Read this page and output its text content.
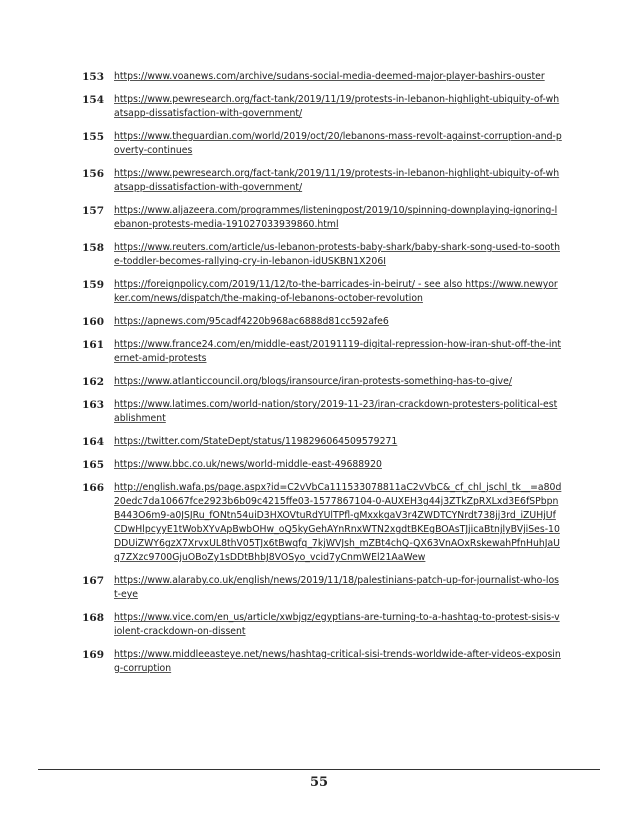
153	https://www.voanews.com/archive/sudans-social-media-deemed-major-player-bashirs-ouster
154	https://www.pewresearch.org/fact-tank/2019/11/19/protests-in-lebanon-highlight-ubiquity-of-whatsapp-dissatisfaction-with-government/
155	https://www.theguardian.com/world/2019/oct/20/lebanons-mass-revolt-against-corruption-and-poverty-continues
156	https://www.pewresearch.org/fact-tank/2019/11/19/protests-in-lebanon-highlight-ubiquity-of-whatsapp-dissatisfaction-with-government/
157	https://www.aljazeera.com/programmes/listeningpost/2019/10/spinning-downplaying-ignoring-lebanon-protests-media-191027033939860.html
158	https://www.reuters.com/article/us-lebanon-protests-baby-shark/baby-shark-song-used-to-soothe-toddler-becomes-rallying-cry-in-lebanon-idUSKBN1X206I
159	https://foreignpolicy.com/2019/11/12/to-the-barricades-in-beirut/ - see also https://www.newyorker.com/news/dispatch/the-making-of-lebanons-october-revolution
160	https://apnews.com/95cadf4220b968ac6888d81cc592afe6
161	https://www.france24.com/en/middle-east/20191119-digital-repression-how-iran-shut-off-the-internet-amid-protests
162	https://www.atlanticcouncil.org/blogs/iransource/iran-protests-something-has-to-give/
163	https://www.latimes.com/world-nation/story/2019-11-23/iran-crackdown-protesters-political-establishment
164	https://twitter.com/StateDept/status/1198296064509579271
165	https://www.bbc.co.uk/news/world-middle-east-49688920
166	http://english.wafa.ps/page.aspx?id=C2vVbCa111533078811aC2vVbC&_cf_chl_jschl_tk__=a80d20edc7da10667fce2923b6b09c4215ffe03-1577867104-0-AUXEH3g44j3ZTkZpRXLxd3E6fSPbpnB443O6m9-a0JSJRu_fONtn54uiD3HXOVtuRdYUlTPfl-gMxxkgaV3r4ZWDTCYNrdt738jj3rd_iZUHjUfCDwHlpcyyE1tWobXYvApBwbOHw_oQ5kyGehAYnRnxWTN2xgdtBKEgBOAsTJjicaBtnjlyBVjiSes-10DDUiZWY6gzX7XrvxUL8thV05TJx6tBwqfq_7kjWVJsh_mZBt4chQ-QX63VnAOxRskewahPfnHuhJaUq7ZXzc9700GjuOBoZy1sDDtBhbJ8VOSyo_vcid7yCnmWEl21AaWew
167	https://www.alaraby.co.uk/english/news/2019/11/18/palestinians-patch-up-for-journalist-who-lost-eye
168	https://www.vice.com/en_us/article/xwbjqz/egyptians-are-turning-to-a-hashtag-to-protest-sisis-violent-crackdown-on-dissent
169	https://www.middleeasteye.net/news/hashtag-critical-sisi-trends-worldwide-after-videos-exposing-corruption
55
